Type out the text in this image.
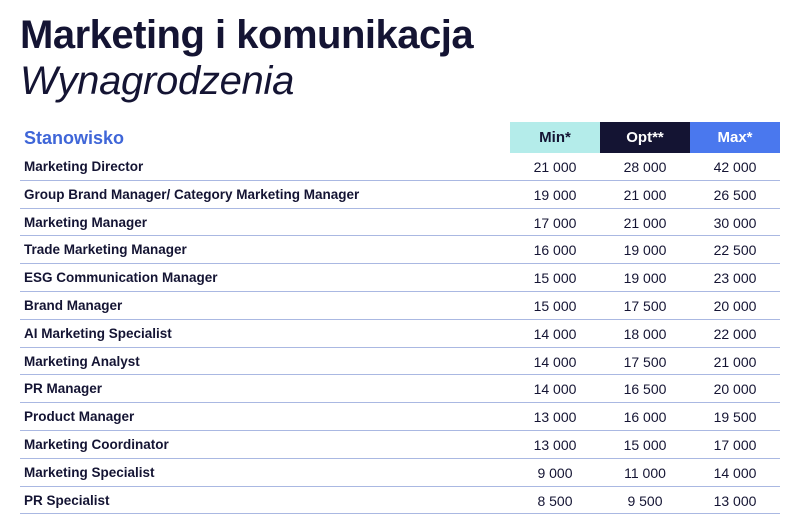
Marketing i komunikacja
Wynagrodzenia
Stanowisko	Min*	Opt**	Max*
Marketing Director	21 000	28 000	42 000
Group Brand Manager/ Category Marketing Manager	19 000	21 000	26 500
Marketing Manager	17 000	21 000	30 000
Trade Marketing Manager	16 000	19 000	22 500
ESG Communication Manager	15 000	19 000	23 000
Brand Manager	15 000	17 500	20 000
AI Marketing Specialist	14 000	18 000	22 000
Marketing Analyst	14 000	17 500	21 000
PR Manager	14 000	16 500	20 000
Product Manager	13 000	16 000	19 500
Marketing Coordinator	13 000	15 000	17 000
Marketing Specialist	9 000	11 000	14 000
PR Specialist	8 500	9 500	13 000
